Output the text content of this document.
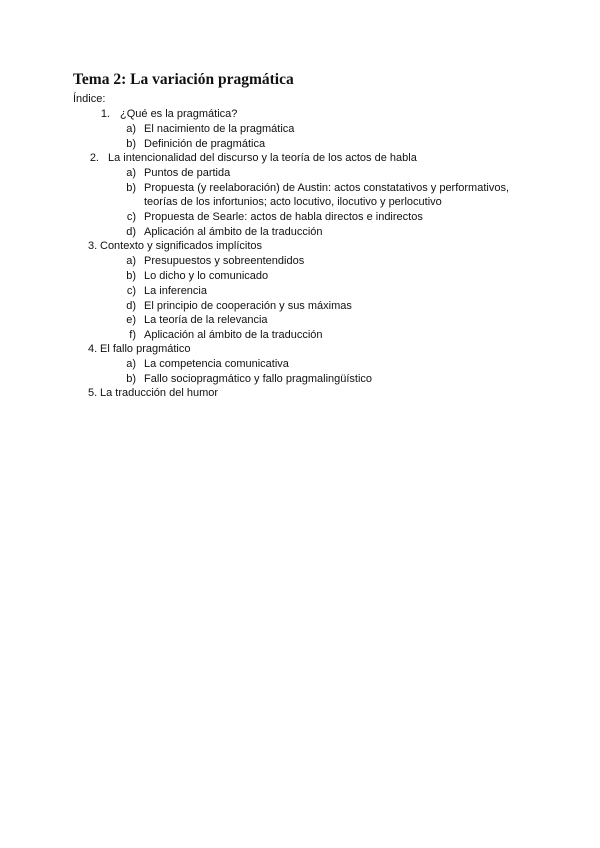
Tema 2: La variación pragmática
Índice:
1. ¿Qué es la pragmática?
a) El nacimiento de la pragmática
b) Definición de pragmática
2. La intencionalidad del discurso y la teoría de los actos de habla
a) Puntos de partida
b) Propuesta (y reelaboración) de Austin: actos constatativos y performativos,
teorías de los infortunios; acto locutivo, ilocutivo y perlocutivo
c) Propuesta de Searle: actos de habla directos e indirectos
d) Aplicación al ámbito de la traducción
3. Contexto y significados implícitos
a) Presupuestos y sobreentendidos
b) Lo dicho y lo comunicado
c) La inferencia
d) El principio de cooperación y sus máximas
e) La teoría de la relevancia
f) Aplicación al ámbito de la traducción
4. El fallo pragmático
a) La competencia comunicativa
b) Fallo sociopragmático y fallo pragmalingüístico
5. La traducción del humor
